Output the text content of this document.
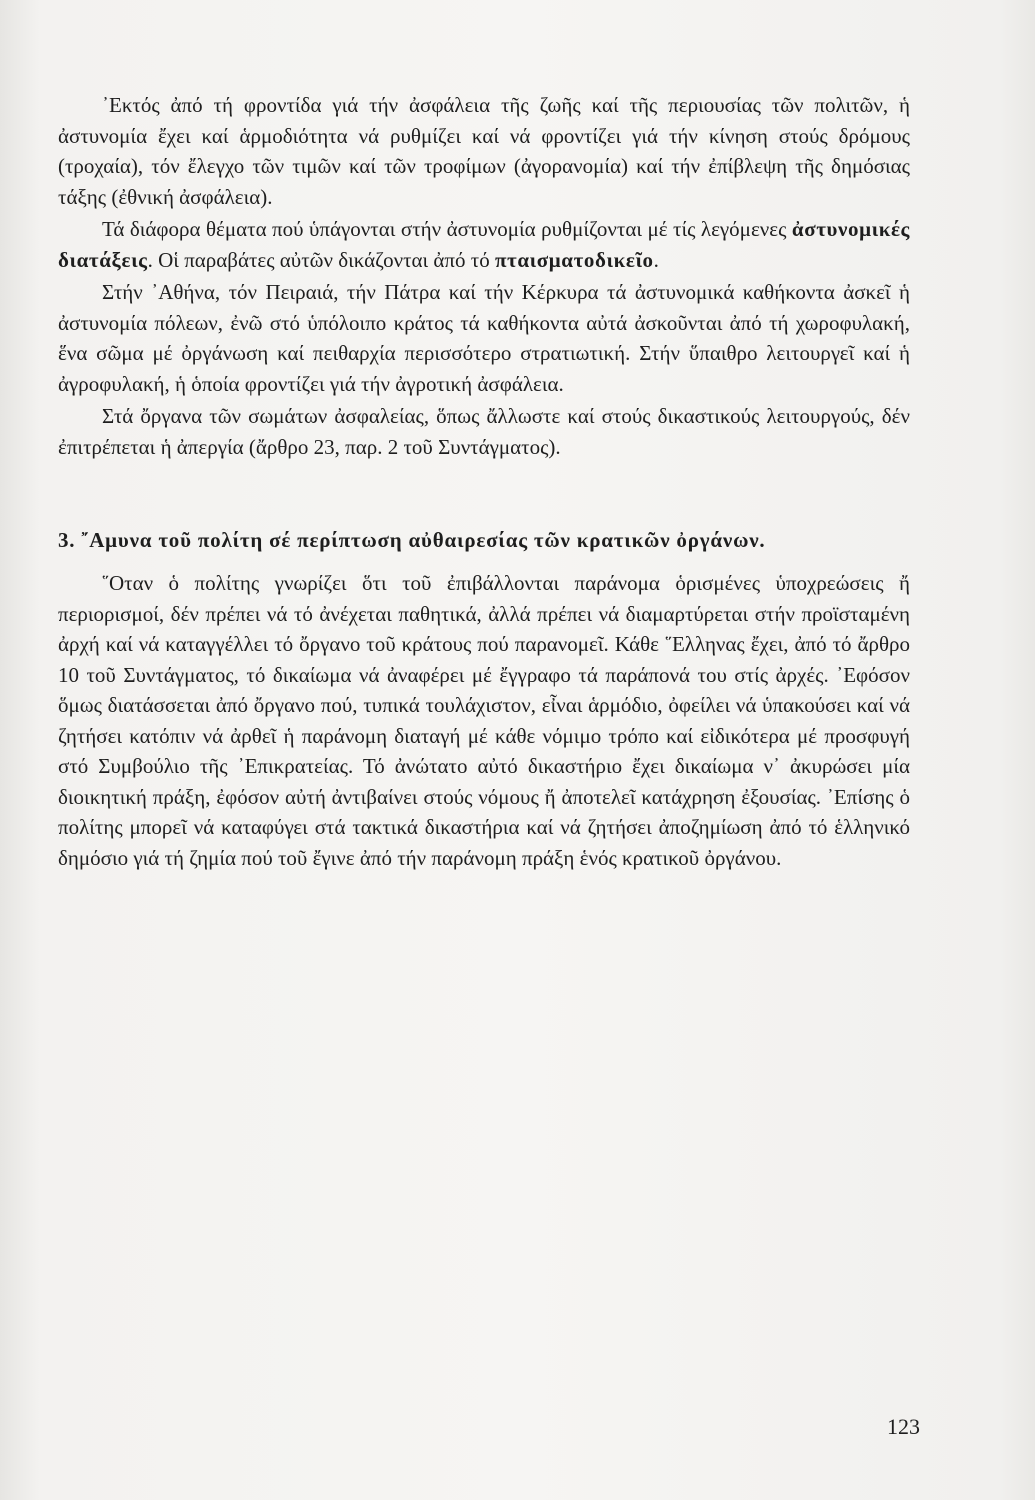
᾿Εκτός ἀπό τή φροντίδα γιά τήν ἀσφάλεια τῆς ζωῆς καί τῆς περιουσίας τῶν πολιτῶν, ἡ ἀστυνομία ἔχει καί ἁρμοδιότητα νά ρυθμίζει καί νά φροντίζει γιά τήν κίνηση στούς δρόμους (τροχαία), τόν ἔλεγχο τῶν τιμῶν καί τῶν τροφίμων (ἀγορανομία) καί τήν ἐπίβλεψη τῆς δημόσιας τάξης (ἐθνική ἀσφάλεια).

Τά διάφορα θέματα πού ὑπάγονται στήν ἀστυνομία ρυθμίζονται μέ τίς λεγόμενες ἀστυνομικές διατάξεις. Οἱ παραβάτες αὐτῶν δικάζονται ἀπό τό πταισματοδικεῖο.

Στήν ᾿Αθήνα, τόν Πειραιά, τήν Πάτρα καί τήν Κέρκυρα τά ἀστυνομικά καθήκοντα ἀσκεῖ ἡ ἀστυνομία πόλεων, ἐνῶ στό ὑπόλοιπο κράτος τά καθήκοντα αὐτά ἀσκοῦνται ἀπό τή χωροφυλακή, ἕνα σῶμα μέ ὀργάνωση καί πειθαρχία περισσότερο στρατιωτική. Στήν ὕπαιθρο λειτουργεῖ καί ἡ ἀγροφυλακή, ἡ ὁποία φροντίζει γιά τήν ἀγροτική ἀσφάλεια.

Στά ὄργανα τῶν σωμάτων ἀσφαλείας, ὅπως ἄλλωστε καί στούς δικαστικούς λειτουργούς, δέν ἐπιτρέπεται ἡ ἀπεργία (ἄρθρο 23, παρ. 2 τοῦ Συντάγματος).

3. ῎Αμυνα τοῦ πολίτη σέ περίπτωση αὐθαιρεσίας τῶν κρατικῶν ὀργάνων.

῞Οταν ὁ πολίτης γνωρίζει ὅτι τοῦ ἐπιβάλλονται παράνομα ὁρισμένες ὑποχρεώσεις ἤ περιορισμοί, δέν πρέπει νά τό ἀνέχεται παθητικά, ἀλλά πρέπει νά διαμαρτύρεται στήν προϊσταμένη ἀρχή καί νά καταγγέλλει τό ὄργανο τοῦ κράτους πού παρανομεῖ. Κάθε ῞Ελληνας ἔχει, ἀπό τό ἄρθρο 10 τοῦ Συντάγματος, τό δικαίωμα νά ἀναφέρει μέ ἔγγραφο τά παράπονά του στίς ἀρχές. ᾿Εφόσον ὅμως διατάσσεται ἀπό ὄργανο πού, τυπικά τουλάχιστον, εἶναι ἁρμόδιο, ὀφείλει νά ὑπακούσει καί νά ζητήσει κατόπιν νά ἀρθεῖ ἡ παράνομη διαταγή μέ κάθε νόμιμο τρόπο καί εἰδικότερα μέ προσφυγή στό Συμβούλιο τῆς ᾿Επικρατείας. Τό ἀνώτατο αὐτό δικαστήριο ἔχει δικαίωμα ν᾿ ἀκυρώσει μία διοικητική πράξη, ἐφόσον αὐτή ἀντιβαίνει στούς νόμους ἤ ἀποτελεῖ κατάχρηση ἐξουσίας. ᾿Επίσης ὁ πολίτης μπορεῖ νά καταφύγει στά τακτικά δικαστήρια καί νά ζητήσει ἀποζημίωση ἀπό τό ἑλληνικό δημόσιο γιά τή ζημία πού τοῦ ἔγινε ἀπό τήν παράνομη πράξη ἑνός κρατικοῦ ὀργάνου.

123
